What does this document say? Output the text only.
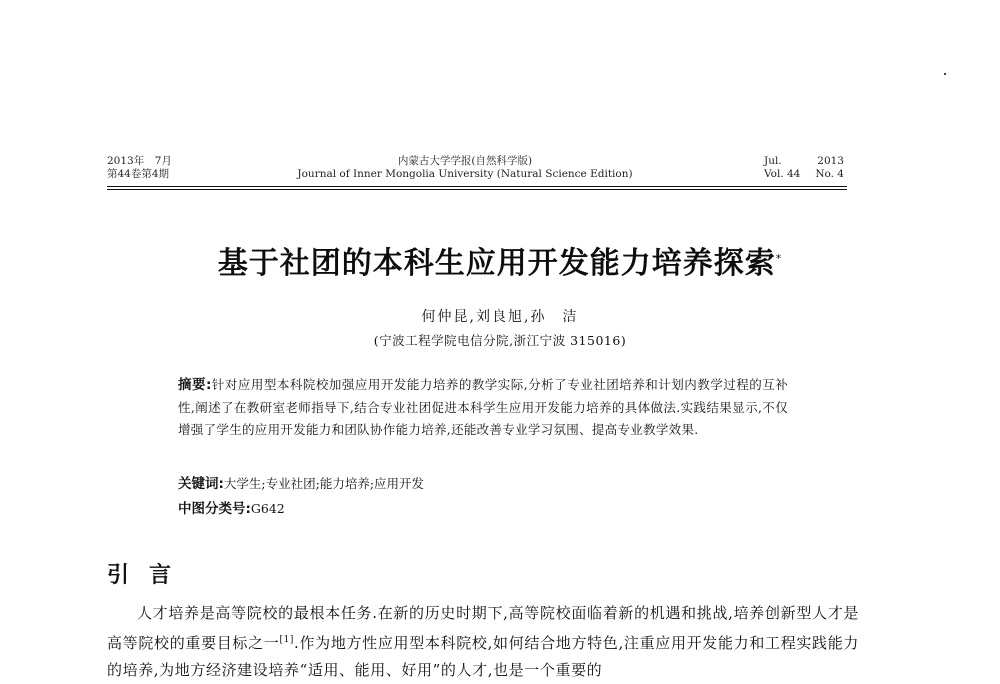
2013年　7月
第44卷第4期
内蒙古大学学报(自然科学版)
Journal of Inner Mongolia University (Natural Science Edition)
Jul.	2013
Vol. 44 No. 4
基于社团的本科生应用开发能力培养探索*
何仲昆,刘良旭,孙　洁
(宁波工程学院电信分院,浙江宁波 315016)
摘要:针对应用型本科院校加强应用开发能力培养的教学实际,分析了专业社团培养和计划内教学过程的互补性,阐述了在教研室老师指导下,结合专业社团促进本科学生应用开发能力培养的具体做法.实践结果显示,不仅增强了学生的应用开发能力和团队协作能力培养,还能改善专业学习氛围、提高专业教学效果.
关键词:大学生;专业社团;能力培养;应用开发
中图分类号:G642
引言

人才培养是高等院校的最根本任务.在新的历史时期下,高等院校面临着新的机遇和挑战,培养创新型人才是高等院校的重要目标之一[1].作为地方性应用型本科院校,如何结合地方特色,注重应用开发能力和工程实践能力的培养,为地方经济建设培养“适用、能用、好用”的人才,也是一个重要的
